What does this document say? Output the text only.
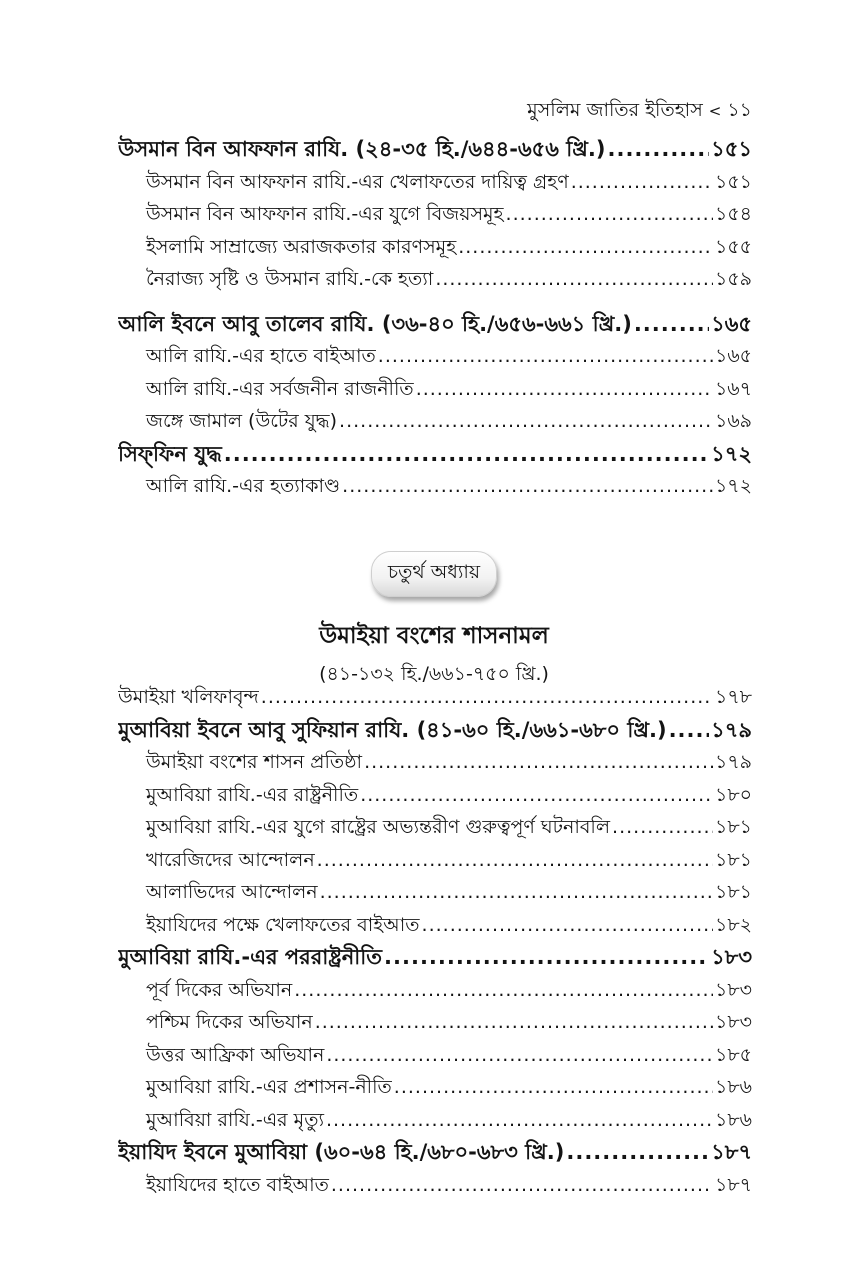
মুসলিম জাতির ইতিহাস < ১১
উসমান বিন আফফান রাযি. (২৪-৩৫ হি./৬৪৪-৬৫৬ খ্রি.) .....	১৫১
উসমান বিন আফফান রাযি.-এর খেলাফতের দায়িত্ব গ্রহণ .....	১৫১
উসমান বিন আফফান রাযি.-এর যুগে বিজয়সমূহ .....	১৫৪
ইসলামি সাম্রাজ্যে অরাজকতার কারণসমূহ .....	১৫৫
নৈরাজ্য সৃষ্টি ও উসমান রাযি.-কে হত্যা .....	১৫৯
আলি ইবনে আবু তালেব রাযি. (৩৬-৪০ হি./৬৫৬-৬৬১ খ্রি.) .....	১৬৫
আলি রাযি.-এর হাতে বাইআত .....	১৬৫
আলি রাযি.-এর সর্বজনীন রাজনীতি .....	১৬৭
জঙ্গে জামাল (উটের যুদ্ধ) .....	১৬৯
সিফ্‌ফিন যুদ্ধ .....	১৭২
আলি রাযি.-এর হত্যাকাণ্ড .....	১৭২
চতুর্থ অধ্যায়
উমাইয়া বংশের শাসনামল
(৪১-১৩২ হি./৬৬১-৭৫০ খ্রি.)
উমাইয়া খলিফাবৃন্দ .....	১৭৮
মুআবিয়া ইবনে আবু সুফিয়ান রাযি. (৪১-৬০ হি./৬৬১-৬৮০ খ্রি.) ..... ১৭৯
উমাইয়া বংশের শাসন প্রতিষ্ঠা .....	১৭৯
মুআবিয়া রাযি.-এর রাষ্ট্রনীতি .....	১৮০
মুআবিয়া রাযি.-এর যুগে রাষ্ট্রের অভ্যন্তরীণ গুরুত্বপূর্ণ ঘটনাবলি .....	১৮১
খারেজিদের আন্দোলন .....	১৮১
আলাভিদের আন্দোলন .....	১৮১
ইয়াযিদের পক্ষে খেলাফতের বাইআত .....	১৮২
মুআবিয়া রাযি.-এর পররাষ্ট্রনীতি .....	১৮৩
পূর্ব দিকের অভিযান .....	১৮৩
পশ্চিম দিকের অভিযান .....	১৮৩
উত্তর আফ্রিকা অভিযান .....	১৮৫
মুআবিয়া রাযি.-এর প্রশাসন-নীতি .....	১৮৬
মুআবিয়া রাযি.-এর মৃত্যু .....	১৮৬
ইয়াযিদ ইবনে মুআবিয়া (৬০-৬৪ হি./৬৮০-৬৮৩ খ্রি.) .....	১৮৭
ইয়াযিদের হাতে বাইআত .....	১৮৭
